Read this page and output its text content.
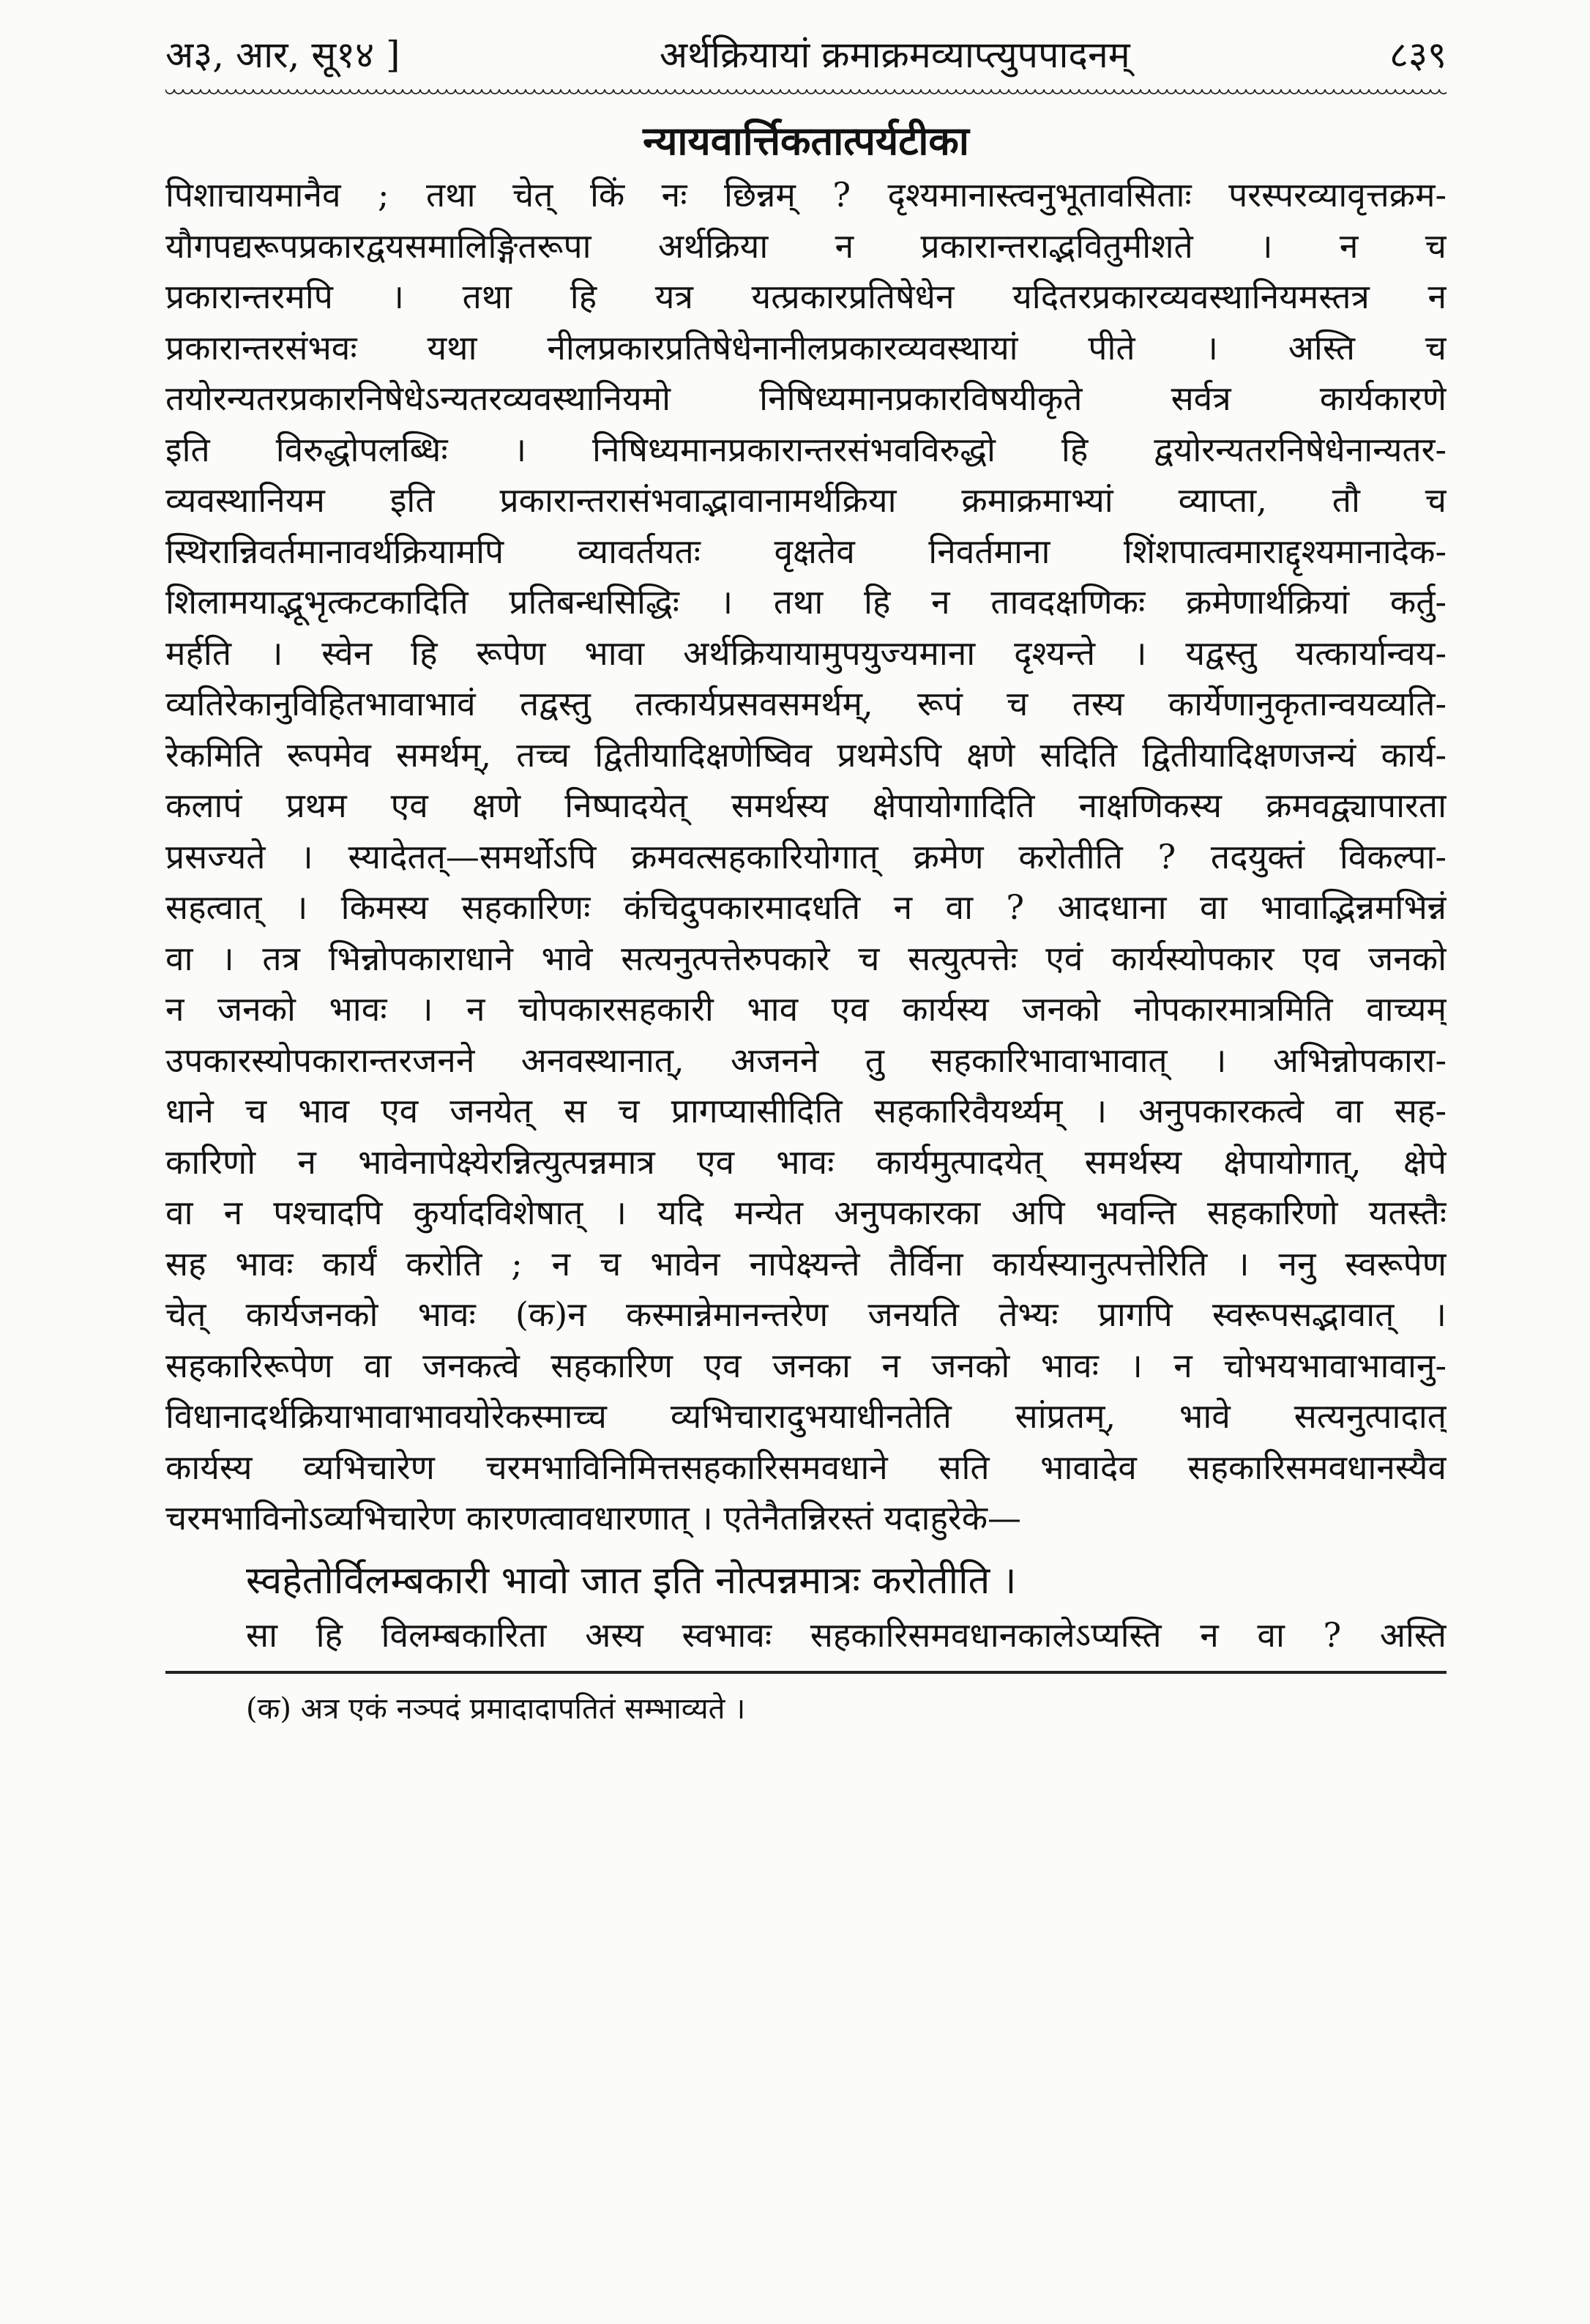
अ३, आर, सू१४ ]	अर्थक्रियायां क्रमाक्रमव्याप्त्युपपादनम्	८३९
न्यायवार्त्तिकतात्पर्यटीका
पिशाचायमानैव ; तथा चेत् किं नः छिन्नम् ? दृश्यमानास्त्वनुभूतावसिताः परस्परव्यावृत्तक्रम-
यौगपद्यरूपप्रकारद्वयसमालिङ्गितरूपा अर्थक्रिया न प्रकारान्तराद्भवितुमीशते । न च
प्रकारान्तरमपि । तथा हि यत्र यत्प्रकारप्रतिषेधेन यदितरप्रकारव्यवस्थानियमस्तत्र न
प्रकारान्तरसंभवः यथा नीलप्रकारप्रतिषेधेनानीलप्रकारव्यवस्थायां पीते । अस्ति च
तयोरन्यतरप्रकारनिषेधेऽन्यतरव्यवस्थानियमो निषिध्यमानप्रकारविषयीकृते सर्वत्र कार्यकारणे
इति विरुद्धोपलब्धिः । निषिध्यमानप्रकारान्तरसंभवविरुद्धो हि द्वयोरन्यतरनिषेधेनान्यतर-
व्यवस्थानियम इति प्रकारान्तरासंभवाद्भावानामर्थक्रिया क्रमाक्रमाभ्यां व्याप्ता, तौ च
स्थिरान्निवर्तमानावर्थक्रियामपि व्यावर्तयतः वृक्षतेव निवर्तमाना शिंशपात्वमाराद्दृश्यमानादेक-
शिलामयाद्भूभृत्कटकादिति प्रतिबन्धसिद्धिः । तथा हि न तावदक्षणिकः क्रमेणार्थक्रियां कर्तु-
मर्हति । स्वेन हि रूपेण भावा अर्थक्रियायामुपयुज्यमाना दृश्यन्ते । यद्वस्तु यत्कार्यान्वय-
व्यतिरेकानुविहितभावाभावं तद्वस्तु तत्कार्यप्रसवसमर्थम्, रूपं च तस्य कार्येणानुकृतान्वयव्यति-
रेकमिति रूपमेव समर्थम्, तच्च द्वितीयादिक्षणेष्विव प्रथमेऽपि क्षणे सदिति द्वितीयादिक्षणजन्यं कार्य-
कलापं प्रथम एव क्षणे निष्पादयेत् समर्थस्य क्षेपायोगादिति नाक्षणिकस्य क्रमवद्व्यापारता
प्रसज्यते । स्यादेतत्—समर्थोऽपि क्रमवत्सहकारियोगात् क्रमेण करोतीति ? तदयुक्तं विकल्पा-
सहत्वात् । किमस्य सहकारिणः कंचिदुपकारमादधति न वा ? आदधाना वा भावाद्भिन्नमभिन्नं
वा । तत्र भिन्नोपकाराधाने भावे सत्यनुत्पत्तेरुपकारे च सत्युत्पत्तेः एवं कार्यस्योपकार एव जनको
न जनको भावः । न चोपकारसहकारी भाव एव कार्यस्य जनको नोपकारमात्रमिति वाच्यम्
उपकारस्योपकारान्तरजनने अनवस्थानात्, अजनने तु सहकारिभावाभावात् । अभिन्नोपकारा-
धाने च भाव एव जनयेत् स च प्रागप्यासीदिति सहकारिवैयर्थ्यम् । अनुपकारकत्वे वा सह-
कारिणो न भावेनापेक्ष्येरन्नित्युत्पन्नमात्र एव भावः कार्यमुत्पादयेत् समर्थस्य क्षेपायोगात्, क्षेपे
वा न पश्चादपि कुर्यादविशेषात् । यदि मन्येत अनुपकारका अपि भवन्ति सहकारिणो यतस्तैः
सह भावः कार्यं करोति ; न च भावेन नापेक्ष्यन्ते तैर्विना कार्यस्यानुत्पत्तेरिति । ननु स्वरूपेण
चेत् कार्यजनको भावः (क)न कस्मान्नेमानन्तरेण जनयति तेभ्यः प्रागपि स्वरूपसद्भावात् ।
सहकारिरूपेण वा जनकत्वे सहकारिण एव जनका न जनको भावः । न चोभयभावाभावानु-
विधानादर्थक्रियाभावाभावयोरेकस्माच्च व्यभिचारादुभयाधीनतेति सांप्रतम्, भावे सत्यनुत्पादात्
कार्यस्य व्यभिचारेण चरमभाविनिमित्तसहकारिसमवधाने सति भावादेव सहकारिसमवधानस्यैव
चरमभाविनोऽव्यभिचारेण कारणत्वावधारणात् । एतेनैतन्निरस्तं यदाहुरेके—
स्वहेतोर्विलम्बकारी भावो जात इति नोत्पन्नमात्रः करोतीति ।
सा हि विलम्बकारिता अस्य स्वभावः सहकारिसमवधानकालेऽप्यस्ति न वा ? अस्ति
(क) अत्र एकं नञ्पदं प्रमादादापतितं सम्भाव्यते ।
